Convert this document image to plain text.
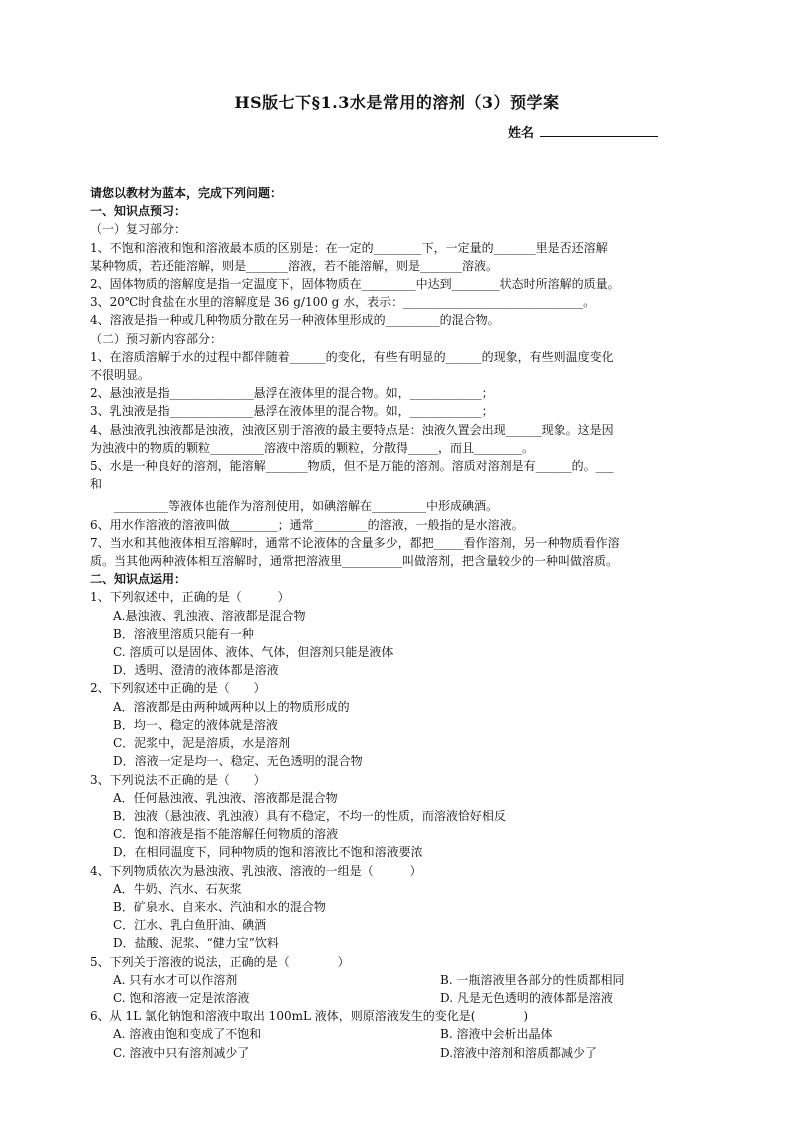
HS版七下§1.3水是常用的溶剂（3）预学案
姓名

请您以教材为蓝本，完成下列问题：

一、知识点预习：

（一）复习部分：

1、不饱和溶液和饱和溶液最本质的区别是：在一定的________下，一定量的_______里是否还溶解

某种物质，若还能溶解，则是_______溶液，若不能溶解，则是_______溶液。

2、固体物质的溶解度是指一定温度下，固体物质在_________中达到________状态时所溶解的质量。

3、20℃时食盐在水里的溶解度是 36 g/100 g 水，表示：______________________________。

4、溶液是指一种或几种物质分散在另一种液体里形成的_________的混合物。

（二）预习新内容部分：

1、在溶质溶解于水的过程中都伴随着______的变化，有些有明显的______的现象，有些则温度变化

不很明显。

2、悬浊液是指______________悬浮在液体里的混合物。如，____________；

3、乳浊液是指______________悬浮在液体里的混合物。如，____________；

4、悬浊液乳浊液都是浊液，浊液区别于溶液的最主要特点是：浊液久置会出现______现象。这是因

为浊液中的物质的颗粒_________溶液中溶质的颗粒，分散得_____，而且________。

5、水是一种良好的溶剂，能溶解_______物质，但不是万能的溶剂。溶质对溶剂是有______的。___

和

　　_________等液体也能作为溶剂使用，如碘溶解在_________中形成碘酒。

6、用水作溶液的溶液叫做________；通常_________的溶液，一般指的是水溶液。

7、当水和其他液体相互溶解时，通常不论液体的含量多少，都把_____看作溶剂，另一种物质看作溶

质。当其他两种液体相互溶解时，通常把溶液里__________叫做溶剂，把含量较少的一种叫做溶质。

二、知识点运用：

1、下列叙述中，正确的是（　　　）

A.悬浊液、乳浊液、溶液都是混合物

B．溶液里溶质只能有一种

C. 溶质可以是固体、液体、气体，但溶剂只能是液体

D．透明、澄清的液体都是溶液

2、下列叙述中正确的是（　　）

A．溶液都是由两种域两种以上的物质形成的

B．均一、稳定的液体就是溶液

C．泥浆中，泥是溶质，水是溶剂

D．溶液一定是均一、稳定、无色透明的混合物

3、下列说法不正确的是（　　）

A．任何悬浊液、乳浊液、溶液都是混合物

B．浊液（悬浊液、乳浊液）具有不稳定，不均一的性质，而溶液恰好相反

C．饱和溶液是指不能溶解任何物质的溶液

D．在相同温度下，同种物质的饱和溶液比不饱和溶液要浓

4、下列物质依次为悬浊液、乳浊液、溶液的一组是（　　　）

A．牛奶、汽水、石灰浆

B．矿泉水、自来水、汽油和水的混合物

C．江水、乳白鱼肝油、碘酒

D．盐酸、泥浆、“健力宝”饮料

5、下列关于溶液的说法，正确的是（　　　　）

A. 只有水才可以作溶剂	B. 一瓶溶液里各部分的性质都相同
C. 饱和溶液一定是浓溶液	D. 凡是无色透明的液体都是溶液

6、从 1L 氯化钠饱和溶液中取出 100mL 液体，则原溶液发生的变化是(　　　　)

A. 溶液由饱和变成了不饱和	B. 溶液中会析出晶体
C. 溶液中只有溶剂减少了	D.溶液中溶剂和溶质都减少了
